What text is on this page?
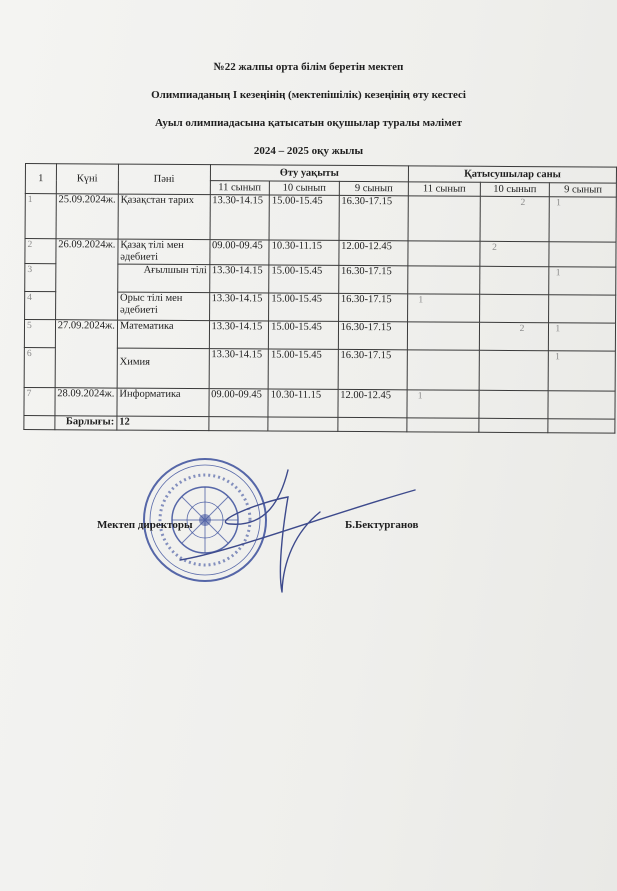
№22 жалпы орта білім беретін мектеп
Олимпиаданың І кезеңінің (мектепішілік) кезеңінің өту кестесі
Ауыл олимпиадасына қатысатын оқушылар туралы мәлімет
2024 – 2025 оқу жылы
1	Күні	Пәні	Өту уақыты			Қатысушылар саны		
			11 сынып	10 сынып	9 сынып	11 сынып	10 сынып	9 сынып
1	25.09.2024ж.	Қазақстан тарих	13.30-14.15	15.00-15.45	16.30-17.15		2	1
2	26.09.2024ж.	Қазақ тілі мен әдебиеті	09.00-09.45	10.30-11.15	12.00-12.45		2	
3		Ағылшын тілі	13.30-14.15	15.00-15.45	16.30-17.15			1
4		Орыс тілі мен әдебиеті	13.30-14.15	15.00-15.45	16.30-17.15	1		
5	27.09.2024ж.	Математика	13.30-14.15	15.00-15.45	16.30-17.15		2	1
6		Химия	13.30-14.15	15.00-15.45	16.30-17.15			1
7	28.09.2024ж.	Информатика	09.00-09.45	10.30-11.15	12.00-12.45	1		
	Барлығы:	12						
Мектеп директоры	Б.Бектурганов
